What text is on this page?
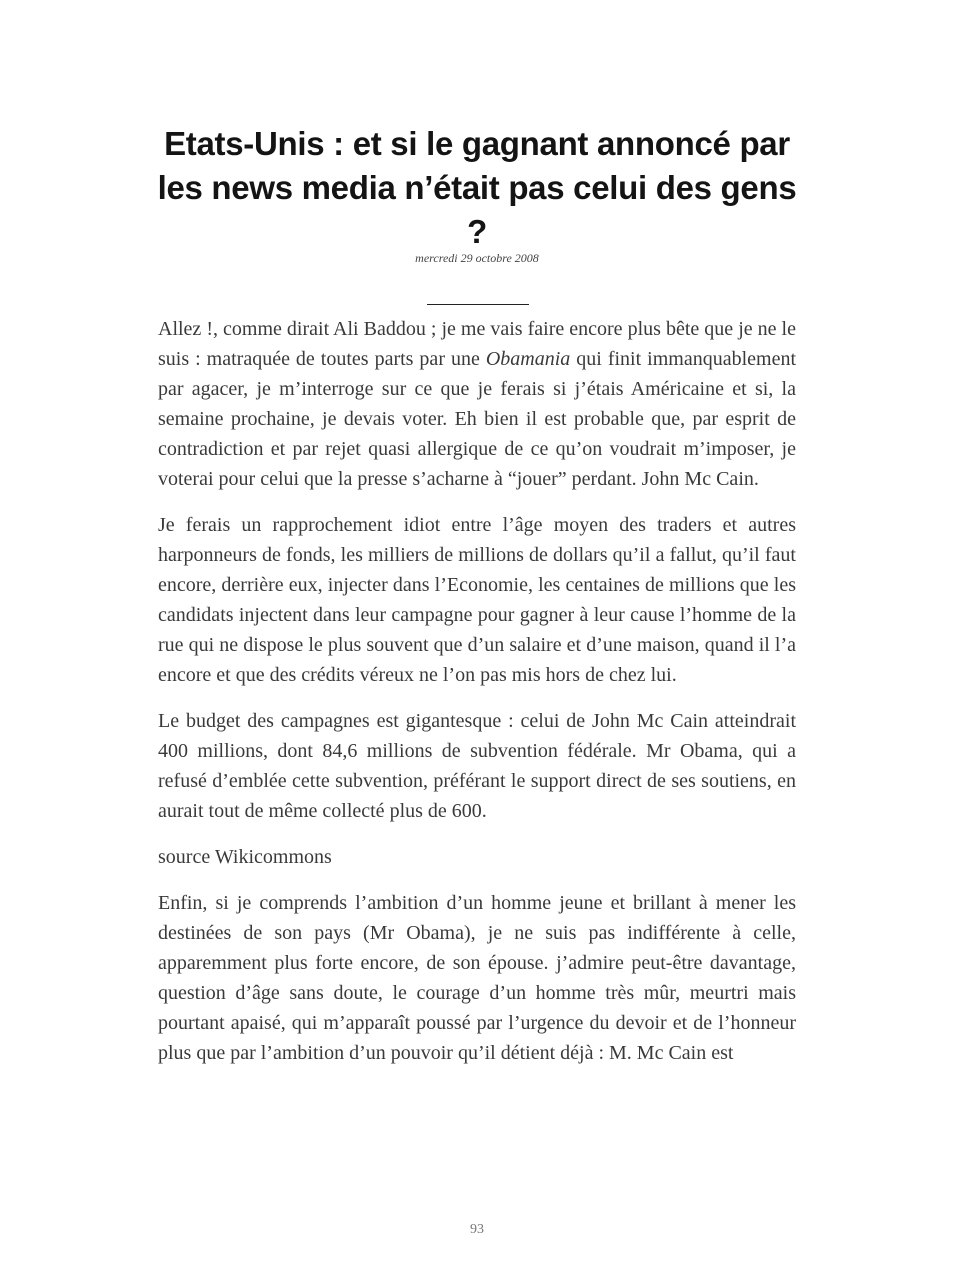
Etats-Unis : et si le gagnant annoncé par les news media n’était pas celui des gens ?
mercredi 29 octobre 2008

Allez !, comme dirait Ali Baddou ; je me vais faire encore plus bête que je ne le suis : matraquée de toutes parts par une Obamania qui finit immanquablement par agacer, je m’interroge sur ce que je ferais si j’étais Américaine et si, la semaine prochaine, je devais voter. Eh bien il est probable que, par esprit de contradiction et par rejet quasi allergique de ce qu’on voudrait m’imposer, je voterai pour celui que la presse s’acharne à “jouer” perdant. John Mc Cain.

Je ferais un rapprochement idiot entre l’âge moyen des traders et autres harponneurs de fonds, les milliers de millions de dollars qu’il a fallut, qu’il faut encore, derrière eux, injecter dans l’Economie, les centaines de millions que les candidats injectent dans leur campagne pour gagner à leur cause l’homme de la rue qui ne dispose le plus souvent que d’un salaire et d’une maison, quand il l’a encore et que des crédits véreux ne l’on pas mis hors de chez lui.

Le budget des campagnes est gigantesque : celui de John Mc Cain atteindrait 400 millions, dont 84,6 millions de subvention fédérale. Mr Obama, qui a refusé d’emblée cette subvention, préférant le support direct de ses soutiens, en aurait tout de même collecté plus de 600.

source Wikicommons

Enfin, si je comprends l’ambition d’un homme jeune et brillant à mener les destinées de son pays (Mr Obama), je ne suis pas indifférente à celle, apparemment plus forte encore, de son épouse. j’admire peut-être davantage, question d’âge sans doute, le courage d’un homme très mûr, meurtri mais pourtant apaisé, qui m’apparaît poussé par l’urgence du devoir et de l’honneur plus que par l’ambition d’un pouvoir qu’il détient déjà : M. Mc Cain est

93
